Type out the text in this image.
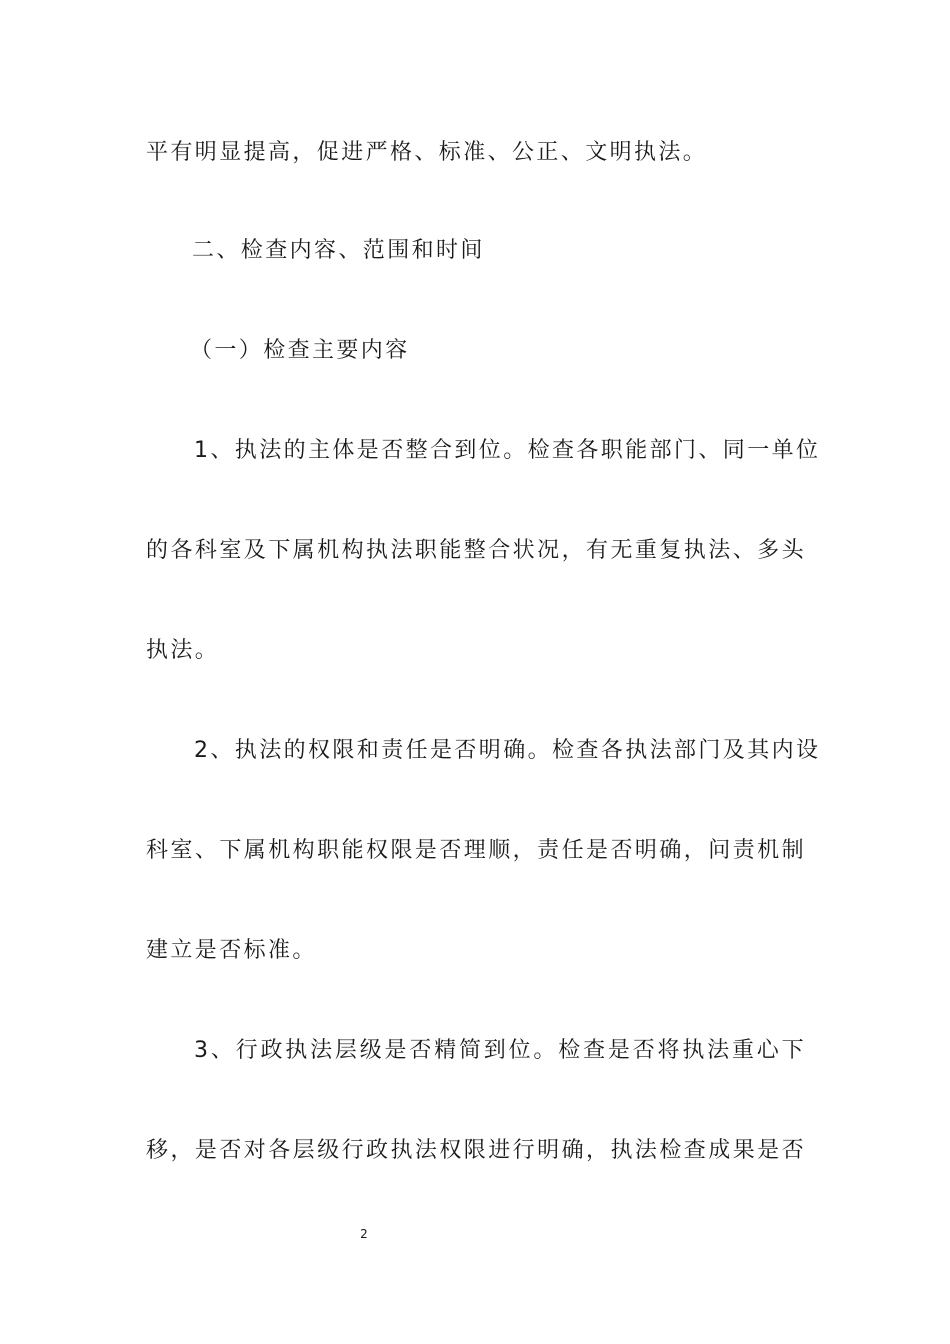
平有明显提高，促进严格、标准、公正、文明执法。
二、检查内容、范围和时间
（一）检查主要内容
1、执法的主体是否整合到位。检查各职能部门、同一单位
的各科室及下属机构执法职能整合状况，有无重复执法、多头
执法。
2、执法的权限和责任是否明确。检查各执法部门及其内设
科室、下属机构职能权限是否理顺，责任是否明确，问责机制
建立是否标准。
3、行政执法层级是否精简到位。检查是否将执法重心下
移，是否对各层级行政执法权限进行明确，执法检查成果是否
2
